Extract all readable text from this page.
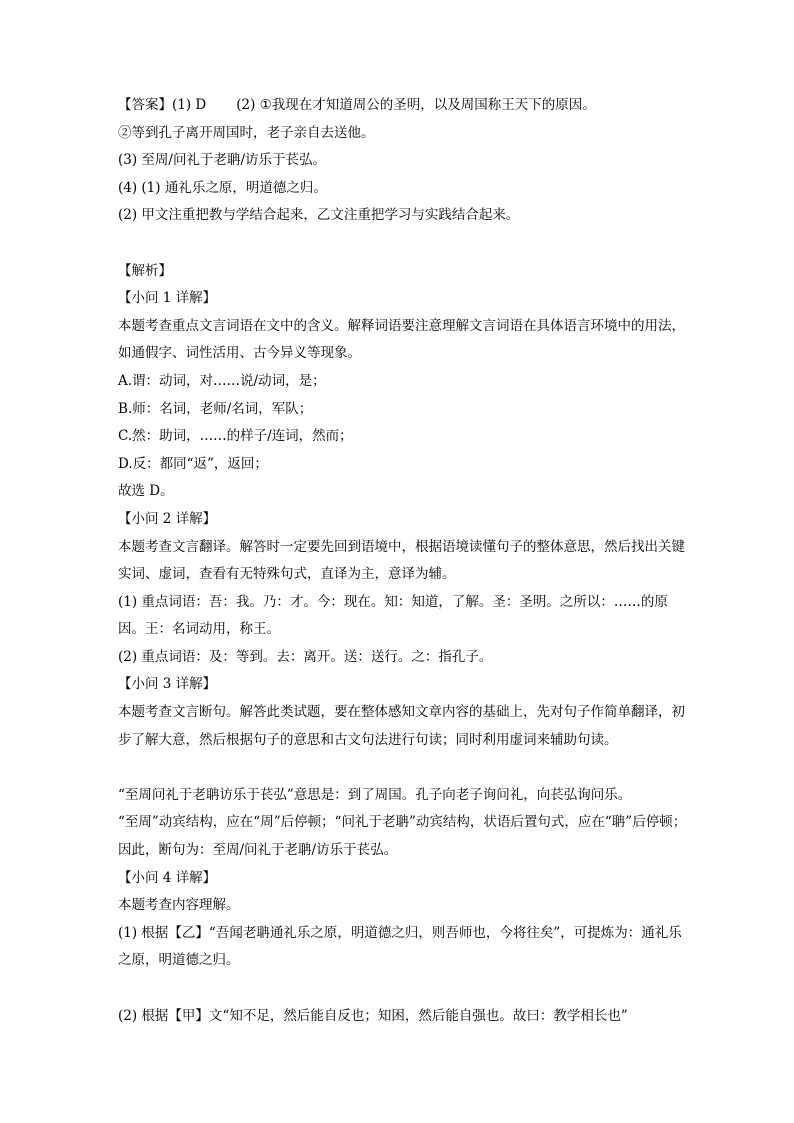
【答案】(1) D (2) ①我现在才知道周公的圣明，以及周国称王天下的原因。
②等到孔子离开周国时，老子亲自去送他。
(3) 至周/问礼于老聃/访乐于苌弘。
(4) (1) 通礼乐之原，明道德之归。
(2) 甲文注重把教与学结合起来，乙文注重把学习与实践结合起来。
【解析】
【小问 1 详解】
本题考查重点文言词语在文中的含义。解释词语要注意理解文言词语在具体语言环境中的用法，如通假字、词性活用、古今异义等现象。
A.谓：动词，对……说/动词，是；
B.师：名词，老师/名词，军队；
C.然：助词，……的样子/连词，然而；
D.反：都同“返”，返回；
故选 D。
【小问 2 详解】
本题考查文言翻译。解答时一定要先回到语境中，根据语境读懂句子的整体意思，然后找出关键实词、虚词，查看有无特殊句式，直译为主，意译为辅。
(1) 重点词语：吾：我。乃：才。今：现在。知：知道，了解。圣：圣明。之所以：……的原因。王：名词动用，称王。
(2) 重点词语：及：等到。去：离开。送：送行。之：指孔子。
【小问 3 详解】
本题考查文言断句。解答此类试题，要在整体感知文章内容的基础上，先对句子作简单翻译，初步了解大意，然后根据句子的意思和古文句法进行句读；同时利用虚词来辅助句读。
“至周问礼于老聃访乐于苌弘”意思是：到了周国。孔子向老子询问礼，向苌弘询问乐。
“至周”动宾结构，应在“周”后停顿；“问礼于老聃”动宾结构，状语后置句式，应在“聃”后停顿；因此，断句为：至周/问礼于老聃/访乐于苌弘。
【小问 4 详解】
本题考查内容理解。
(1) 根据【乙】“吾闻老聃通礼乐之原，明道德之归，则吾师也，今将往矣”，可提炼为：通礼乐之原，明道德之归。
(2) 根据【甲】文“知不足，然后能自反也；知困，然后能自强也。故曰：教学相长也”
